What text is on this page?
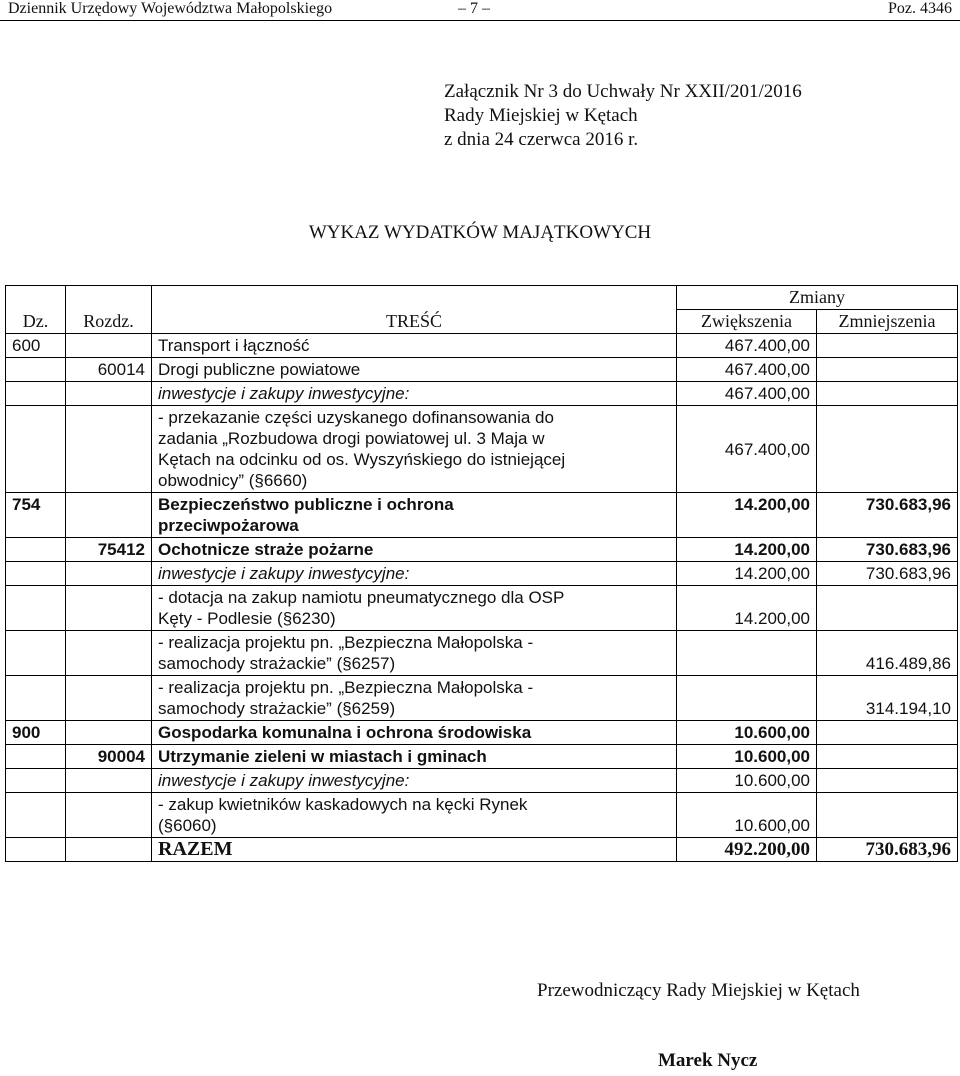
Dziennik Urzędowy Województwa Małopolskiego	– 7 –	Poz. 4346
Załącznik Nr 3 do Uchwały Nr XXII/201/2016
Rady Miejskiej w Kętach
z dnia 24 czerwca 2016 r.
WYKAZ WYDATKÓW MAJĄTKOWYCH
Dz.	Rozdz.	TREŚĆ	Zmiany	
			Zwiększenia	Zmniejszenia
600		Transport i łączność	467.400,00	
	60014	Drogi publiczne powiatowe	467.400,00	
		inwestycje i zakupy inwestycyjne:	467.400,00	

		- przekazanie części uzyskanego dofinansowania do
zadania „Rozbudowa drogi powiatowej ul. 3 Maja w
Kętach na odcinku od os. Wyszyńskiego do istniejącej
obwodnicy” (§6660)	467.400,00	
754		Bezpieczeństwo publiczne i ochrona
przeciwpożarowa	14.200,00	730.683,96
	75412	Ochotnicze straże pożarne	14.200,00	730.683,96
		inwestycje i zakupy inwestycyjne:	14.200,00	730.683,96

		- dotacja na zakup namiotu pneumatycznego dla OSP
Kęty - Podlesie (§6230)	14.200,00	

		- realizacja projektu pn. „Bezpieczna Małopolska -
samochody strażackie” (§6257)		416.489,86

		- realizacja projektu pn. „Bezpieczna Małopolska -
samochody strażackie” (§6259)		314.194,10
900		Gospodarka komunalna i ochrona środowiska	10.600,00	
	90004	Utrzymanie zieleni w miastach i gminach	10.600,00	
		inwestycje i zakupy inwestycyjne:	10.600,00	

		- zakup kwietników kaskadowych na kęcki Rynek
(§6060)	10.600,00	
		RAZEM	492.200,00	730.683,96
Przewodniczący Rady Miejskiej w Kętach
Marek Nycz
